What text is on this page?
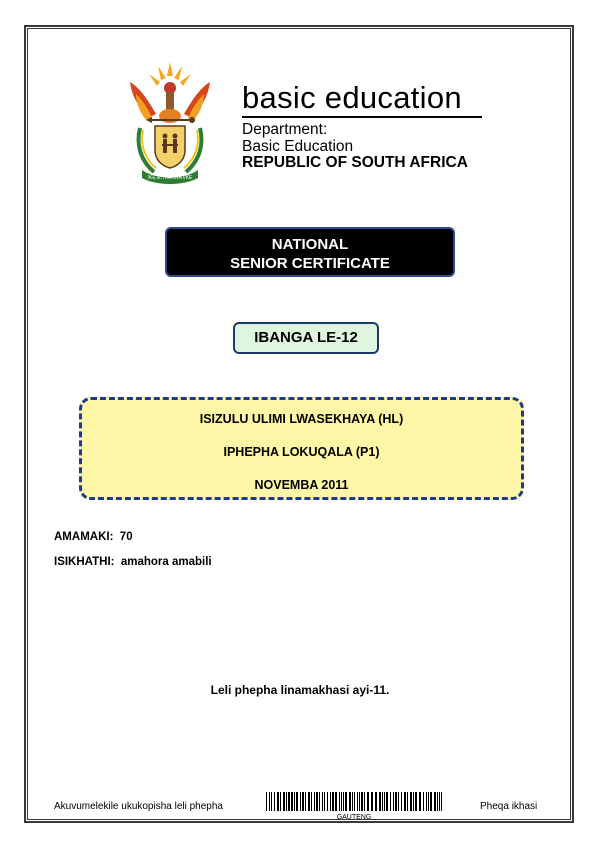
!KE E: /XARRA //KE
basic education
Department:
Basic Education
REPUBLIC OF SOUTH AFRICA
NATIONAL
SENIOR CERTIFICATE
IBANGA LE-12
ISIZULU ULIMI LWASEKHAYA (HL)
IPHEPHA LOKUQALA (P1)
NOVEMBA 2011
AMAMAKI:  70
ISIKHATHI:  amahora amabili
Leli phepha linamakhasi ayi-11.
Akuvumelekile ukukopisha leli phepha
GAUTENG
Pheqa ikhasi
